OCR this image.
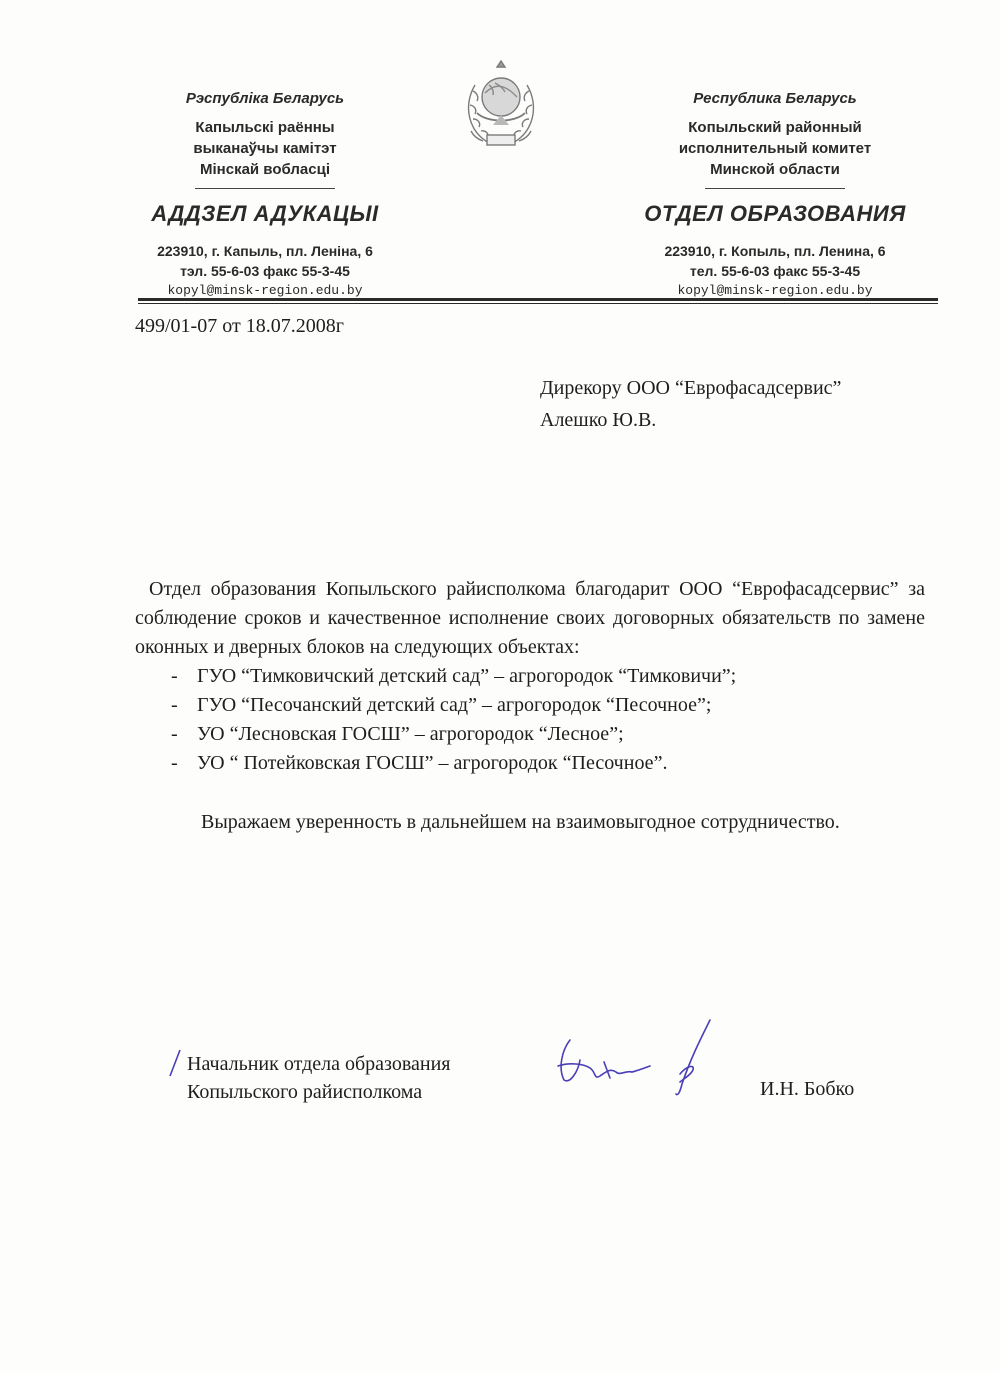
Рэспубліка Беларусь
Капыльскі раённы
выканаўчы камітэт
Мінскай вобласці
АДДЗЕЛ АДУКАЦЫІ
223910, г. Капыль, пл. Леніна, 6
тэл. 55-6-03 факс 55-3-45
kopyl@minsk-region.edu.by
Республика Беларусь
Копыльский районный
исполнительный комитет
Минской области
ОТДЕЛ ОБРАЗОВАНИЯ
223910, г. Копыль, пл. Ленина, 6
тел. 55-6-03 факс 55-3-45
kopyl@minsk-region.edu.by
499/01-07 от 18.07.2008г
Дирекору ООО “Еврофасадсервис”
Алешко Ю.В.

Отдел образования Копыльского райисполкома благодарит ООО “Еврофасадсервис” за соблюдение сроков и качественное исполнение своих договорных обязательств по замене оконных и дверных блоков на следующих объектах:

- ГУО “Тимковичский детский сад” – агрогородок “Тимковичи”;
- ГУО “Песочанский детский сад” – агрогородок “Песочное”;
- УО “Лесновская ГОСШ” – агрогородок “Лесное”;
- УО “ Потейковская ГОСШ” – агрогородок “Песочное”.

Выражаем уверенность в дальнейшем на взаимовыгодное сотрудничество.

Начальник отдела образования
Копыльского райисполкома	И.Н. Бобко
